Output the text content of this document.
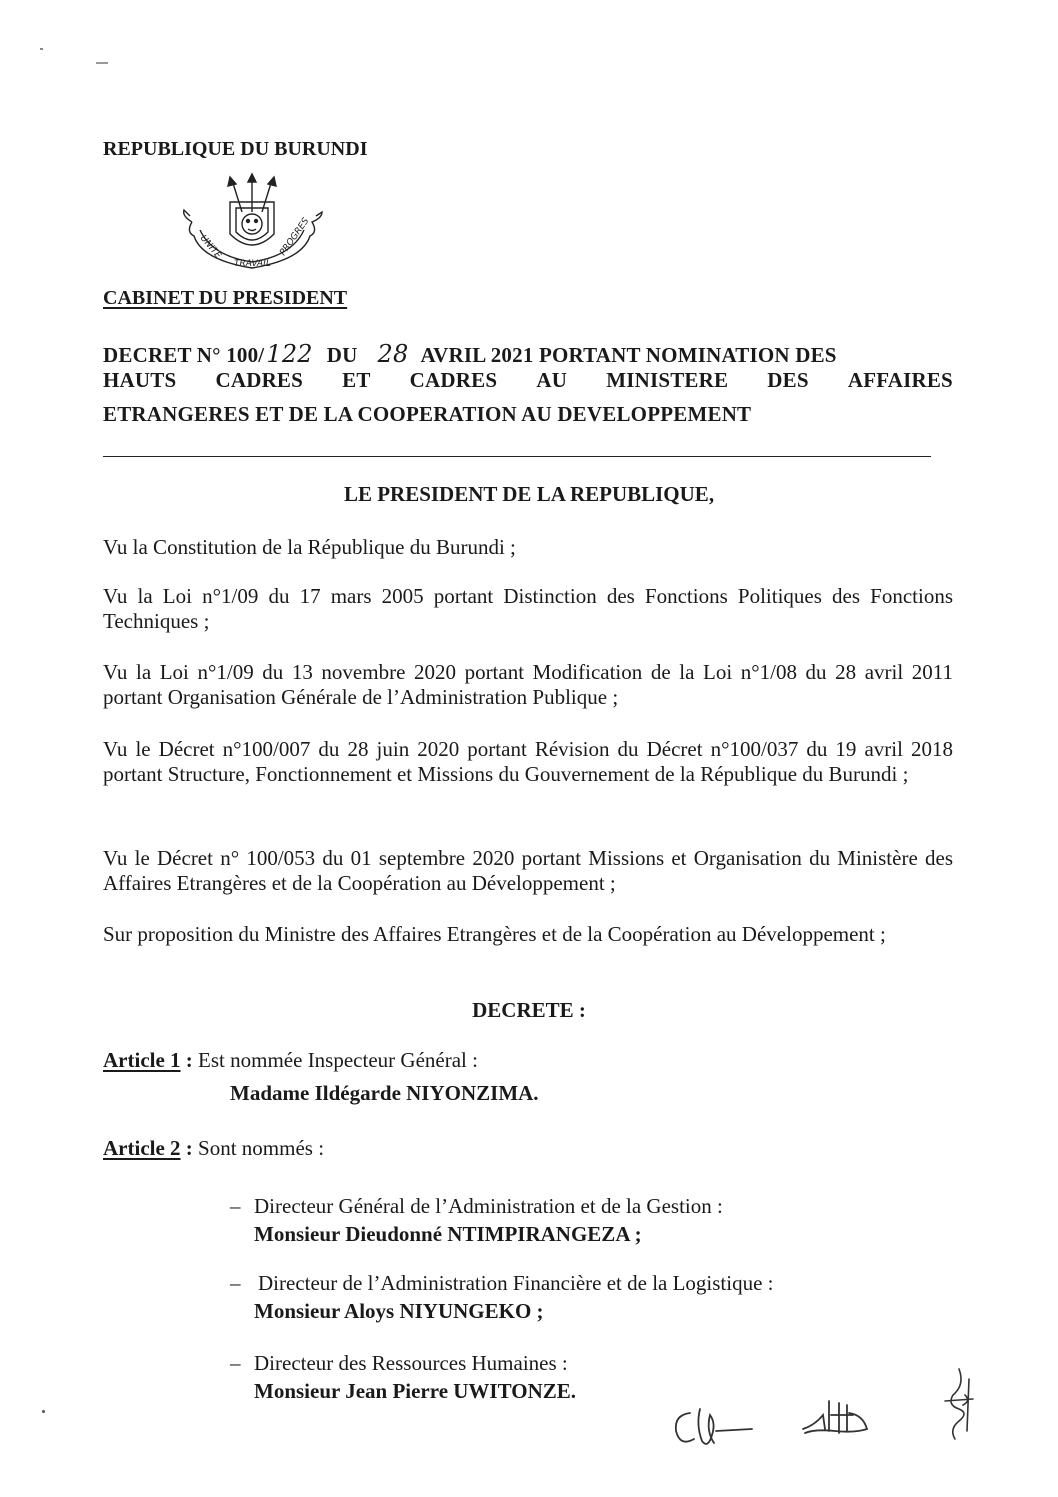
REPUBLIQUE DU BURUNDI
UNITE
TRAVAIL
PROGRES
CABINET DU PRESIDENT
DECRET N° 100/122 DU 28 AVRIL 2021 PORTANT NOMINATION DES
HAUTS CADRES ET CADRES AU MINISTERE DES AFFAIRES
ETRANGERES ET DE LA COOPERATION AU DEVELOPPEMENT
LE PRESIDENT DE LA REPUBLIQUE,
Vu la Constitution de la République du Burundi ;
Vu la Loi n°1/09 du 17 mars 2005 portant Distinction des Fonctions Politiques des Fonctions Techniques ;
Vu la Loi n°1/09 du 13 novembre 2020 portant Modification de la Loi n°1/08 du 28 avril 2011 portant Organisation Générale de l’Administration Publique ;
Vu le Décret n°100/007 du 28 juin 2020 portant Révision du Décret n°100/037 du 19 avril 2018 portant Structure, Fonctionnement et Missions du Gouvernement de la République du Burundi ;
Vu le Décret n° 100/053 du 01 septembre 2020 portant Missions et Organisation du Ministère des Affaires Etrangères et de la Coopération au Développement ;
Sur proposition du Ministre des Affaires Etrangères et de la Coopération au Développement ;
DECRETE :
Article 1 : Est nommée Inspecteur Général :
Madame Ildégarde NIYONZIMA.
Article 2 : Sont nommés :
– Directeur Général de l’Administration et de la Gestion :
Monsieur Dieudonné NTIMPIRANGEZA ;
– Directeur de l’Administration Financière et de la Logistique :
Monsieur Aloys NIYUNGEKO ;
– Directeur des Ressources Humaines :
Monsieur Jean Pierre UWITONZE.
